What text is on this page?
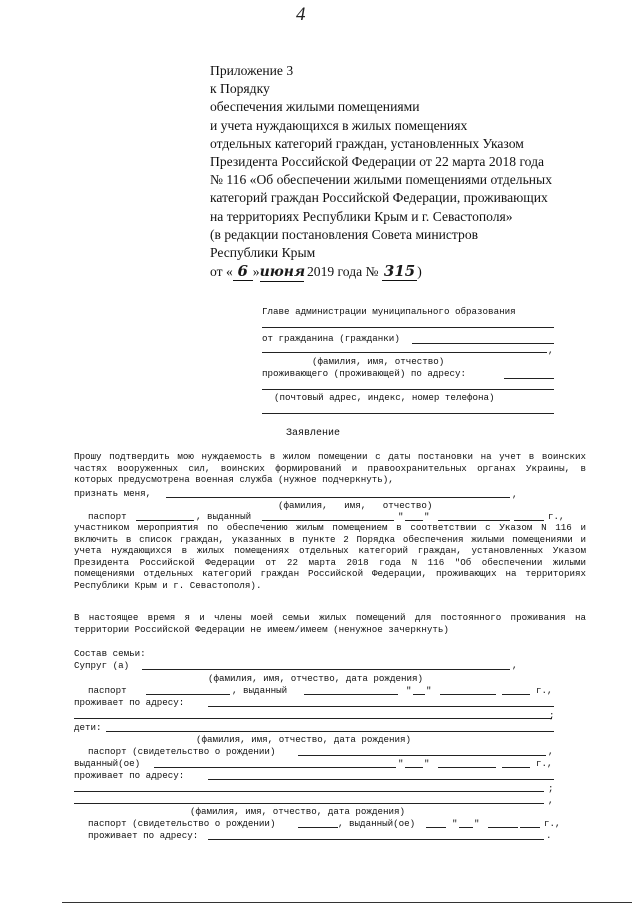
4
Приложение 3
к Порядку
обеспечения жилыми помещениями
и учета нуждающихся в жилых помещениях
отдельных категорий граждан, установленных Указом
Президента Российской Федерации от 22 марта 2018 года
№ 116 «Об обеспечении жилыми помещениями отдельных
категорий граждан Российской Федерации, проживающих
на территориях Республики Крым и г. Севастополя»
(в редакции постановления Совета министров
Республики Крым
от « 6 »июня 2019 года № 315 )
Главе администрации муниципального образования
от гражданина (гражданки)
,
(фамилия, имя, отчество)
проживающего (проживающей) по адресу:
(почтовый адрес, индекс, номер телефона)
Заявление
Прошу подтвердить мою нуждаемость в жилом помещении с даты постановки на учет в воинских частях вооруженных сил, воинских формирований и правоохранительных органах Украины, в которых предусмотрена военная служба (нужное подчеркнуть),
признать меня,	,
(фамилия,   имя,   отчество)
паспорт	, выданный	" "	г.,
участником мероприятия по обеспечению жилым помещением в соответствии с Указом N 116 и включить в список граждан, указанных в пункте 2 Порядка обеспечения жилыми помещениями и учета нуждающихся в жилых помещениях отдельных категорий граждан, установленных Указом Президента Российской Федерации от 22 марта 2018 года N 116 "Об обеспечении жилыми помещениями отдельных категорий граждан Российской Федерации, проживающих на территориях Республики Крым и г. Севастополя).
В настоящее время я и члены моей семьи жилых помещений для постоянного проживания на территории Российской Федерации не имеем/имеем (ненужное зачеркнуть)
Состав семьи:
Супруг (а)	,
(фамилия, имя, отчество, дата рождения)
паспорт	, выданный	" "	г.,
проживает по адресу:
;
дети:
(фамилия, имя, отчество, дата рождения)
паспорт (свидетельство о рождении)	,
выданный(ое)	" "	г.,
проживает по адресу:
;
,
(фамилия, имя, отчество, дата рождения)
паспорт (свидетельство о рождении)	, выданный(ое)	" "	г.,
проживает по адресу:	.
